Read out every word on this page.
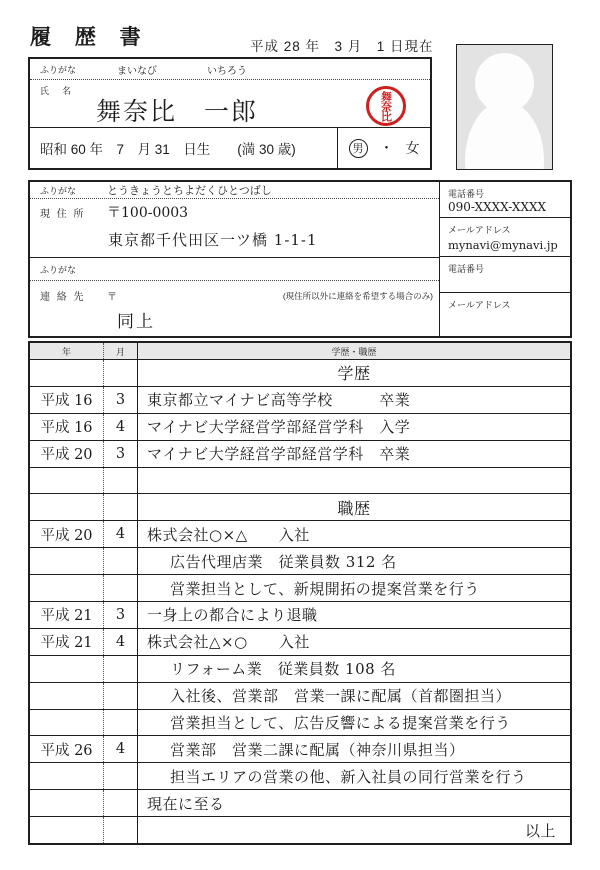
履 歴 書	平成 28 年　3 月　1 日現在
ふりがな	まいなび	いちろう
氏　名
舞奈比　一郎	舞奈比
昭和 60 年　7　月 31　日生　　(満 30 歳)	男 ・ 女
ふりがな	とうきょうとちよだくひとつばし
現 住 所 〒100-0003
東京都千代田区一ツ橋 1-1-1
ふりがな
連 絡 先 〒	(現住所以外に連絡を希望する場合のみ)
同上
電話番号
090-XXXX-XXXX
メールアドレス
mynavi@mynavi.jp
電話番号
メールアドレス
年	月	学歴・職歴
学歴
平成 16	3	東京都立マイナビ高等学校　　　卒業
平成 16	4	マイナビ大学経営学部経営学科　入学
平成 20	3	マイナビ大学経営学部経営学科　卒業
職歴
平成 20	4	株式会社○×△　　入社
広告代理店業　従業員数 312 名
営業担当として、新規開拓の提案営業を行う
平成 21	3	一身上の都合により退職
平成 21	4	株式会社△×○　　入社
リフォーム業　従業員数 108 名
入社後、営業部　営業一課に配属（首都圏担当）
営業担当として、広告反響による提案営業を行う
平成 26	4	営業部　営業二課に配属（神奈川県担当）
担当エリアの営業の他、新入社員の同行営業を行う
現在に至る
以上
